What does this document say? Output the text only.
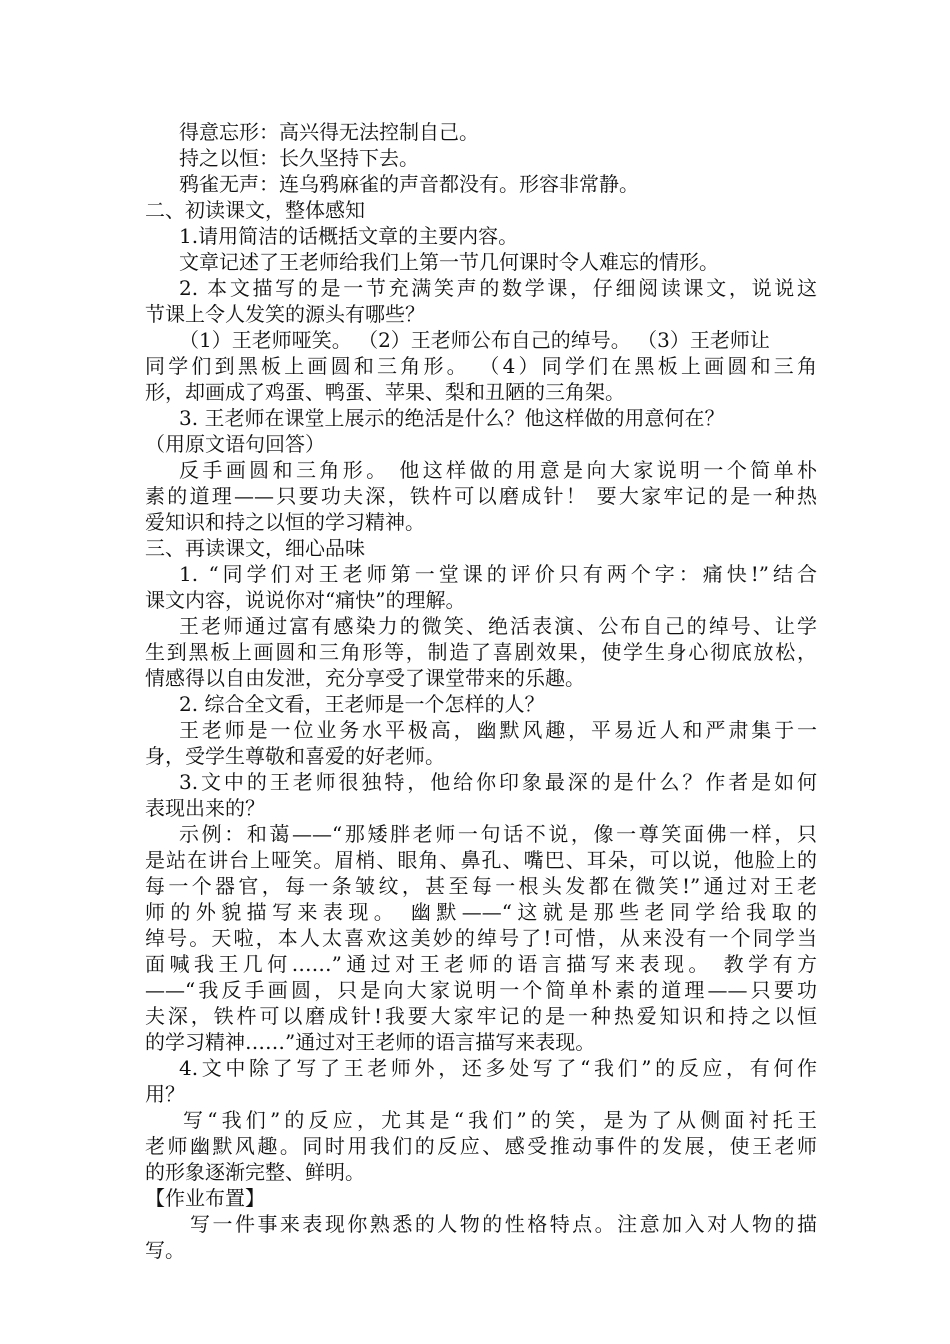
得意忘形：高兴得无法控制自己。
持之以恒：长久坚持下去。
鸦雀无声：连乌鸦麻雀的声音都没有。形容非常静。
二、初读课文，整体感知
1.请用简洁的话概括文章的主要内容。
文章记述了王老师给我们上第一节几何课时令人难忘的情形。
2. 本文描写的是一节充满笑声的数学课，仔细阅读课文，说说这
节课上令人发笑的源头有哪些？
（1）王老师哑笑。 （2）王老师公布自己的绰号。 （3）王老师让
同学们到黑板上画圆和三角形。 （4）同学们在黑板上画圆和三角
形，却画成了鸡蛋、鸭蛋、苹果、梨和丑陋的三角架。
3. 王老师在课堂上展示的绝活是什么？他这样做的用意何在？
（用原文语句回答）
反手画圆和三角形。 他这样做的用意是向大家说明一个简单朴
素的道理——只要功夫深，铁杵可以磨成针！ 要大家牢记的是一种热
爱知识和持之以恒的学习精神。
三、再读课文，细心品味
1. “同学们对王老师第一堂课的评价只有两个字：痛快!”结合
课文内容，说说你对“痛快”的理解。
王老师通过富有感染力的微笑、绝活表演、公布自己的绰号、让学
生到黑板上画圆和三角形等，制造了喜剧效果，使学生身心彻底放松，
情感得以自由发泄，充分享受了课堂带来的乐趣。
2. 综合全文看，王老师是一个怎样的人？
王老师是一位业务水平极高，幽默风趣，平易近人和严肃集于一
身，受学生尊敬和喜爱的好老师。
3.文中的王老师很独特，他给你印象最深的是什么？作者是如何
表现出来的？
示例：和蔼——“那矮胖老师一句话不说，像一尊笑面佛一样，只
是站在讲台上哑笑。眉梢、眼角、鼻孔、嘴巴、耳朵，可以说，他脸上的
每一个器官，每一条皱纹，甚至每一根头发都在微笑!”通过对王老
师的外貌描写来表现。 幽默——“这就是那些老同学给我取的
绰号。天啦，本人太喜欢这美妙的绰号了!可惜，从来没有一个同学当
面喊我王几何……”通过对王老师的语言描写来表现。 教学有方
——“我反手画圆，只是向大家说明一个简单朴素的道理——只要功
夫深，铁杵可以磨成针!我要大家牢记的是一种热爱知识和持之以恒
的学习精神……”通过对王老师的语言描写来表现。
4.文中除了写了王老师外，还多处写了“我们”的反应，有何作
用？
写“我们”的反应，尤其是“我们”的笑，是为了从侧面衬托王
老师幽默风趣。同时用我们的反应、感受推动事件的发展，使王老师
的形象逐渐完整、鲜明。
【作业布置】
写一件事来表现你熟悉的人物的性格特点。注意加入对人物的描
写。
